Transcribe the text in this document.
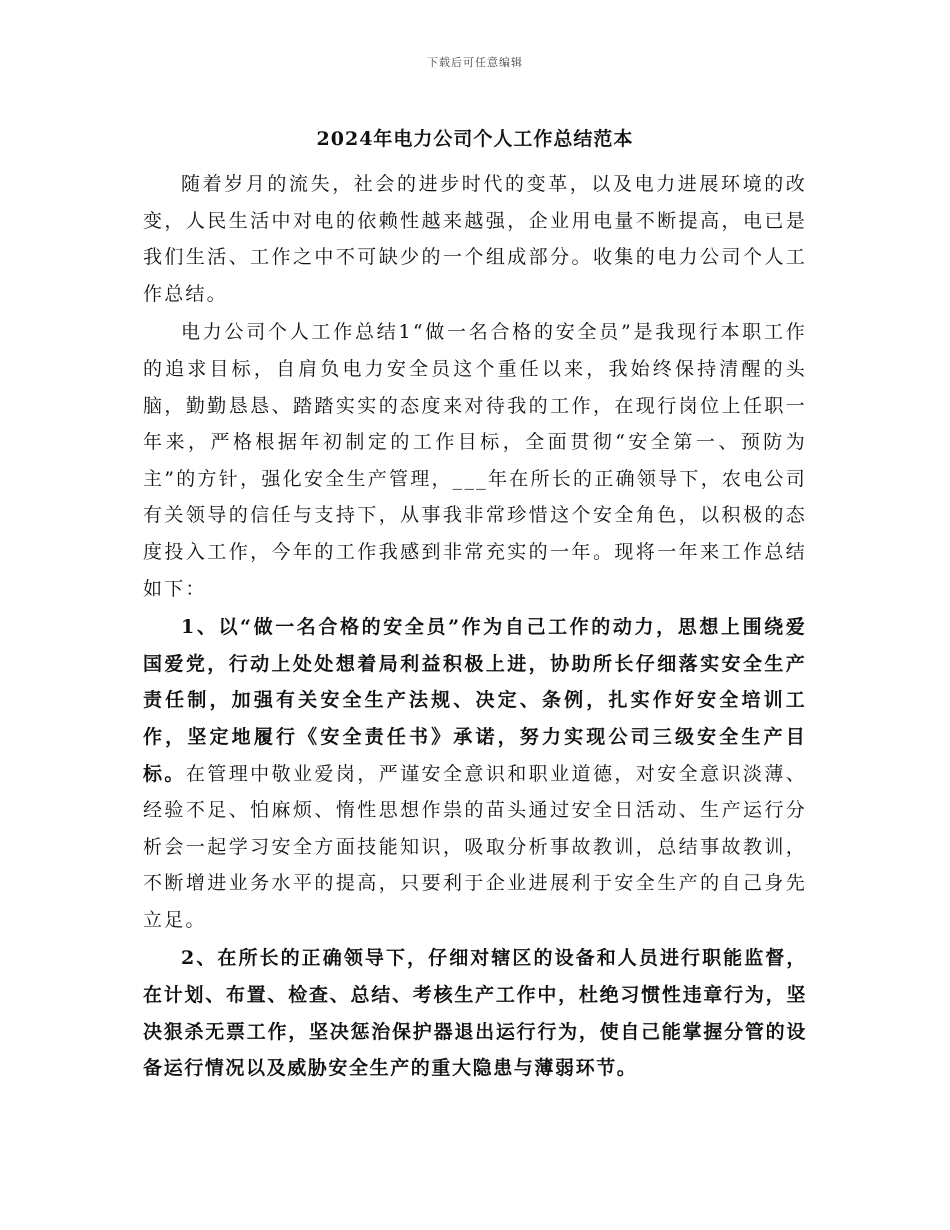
下载后可任意编辑
2024年电力公司个人工作总结范本

随着岁月的流失，社会的进步时代的变革，以及电力进展环境的改变，人民生活中对电的依赖性越来越强，企业用电量不断提高，电已是我们生活、工作之中不可缺少的一个组成部分。收集的电力公司个人工作总结。

电力公司个人工作总结1“做一名合格的安全员”是我现行本职工作的追求目标，自肩负电力安全员这个重任以来，我始终保持清醒的头脑，勤勤恳恳、踏踏实实的态度来对待我的工作，在现行岗位上任职一年来，严格根据年初制定的工作目标，全面贯彻“安全第一、预防为主”的方针，强化安全生产管理，___年在所长的正确领导下，农电公司有关领导的信任与支持下，从事我非常珍惜这个安全角色，以积极的态度投入工作，今年的工作我感到非常充实的一年。现将一年来工作总结如下：

1、以“做一名合格的安全员”作为自己工作的动力，思想上围绕爱国爱党，行动上处处想着局利益积极上进，协助所长仔细落实安全生产责任制，加强有关安全生产法规、决定、条例，扎实作好安全培训工作，坚定地履行《安全责任书》承诺，努力实现公司三级安全生产目标。在管理中敬业爱岗，严谨安全意识和职业道德，对安全意识淡薄、经验不足、怕麻烦、惰性思想作祟的苗头通过安全日活动、生产运行分析会一起学习安全方面技能知识，吸取分析事故教训，总结事故教训，不断增进业务水平的提高，只要利于企业进展利于安全生产的自己身先立足。

2、在所长的正确领导下，仔细对辖区的设备和人员进行职能监督，在计划、布置、检查、总结、考核生产工作中，杜绝习惯性违章行为，坚决狠杀无票工作，坚决惩治保护器退出运行行为，使自己能掌握分管的设备运行情况以及威胁安全生产的重大隐患与薄弱环节。
